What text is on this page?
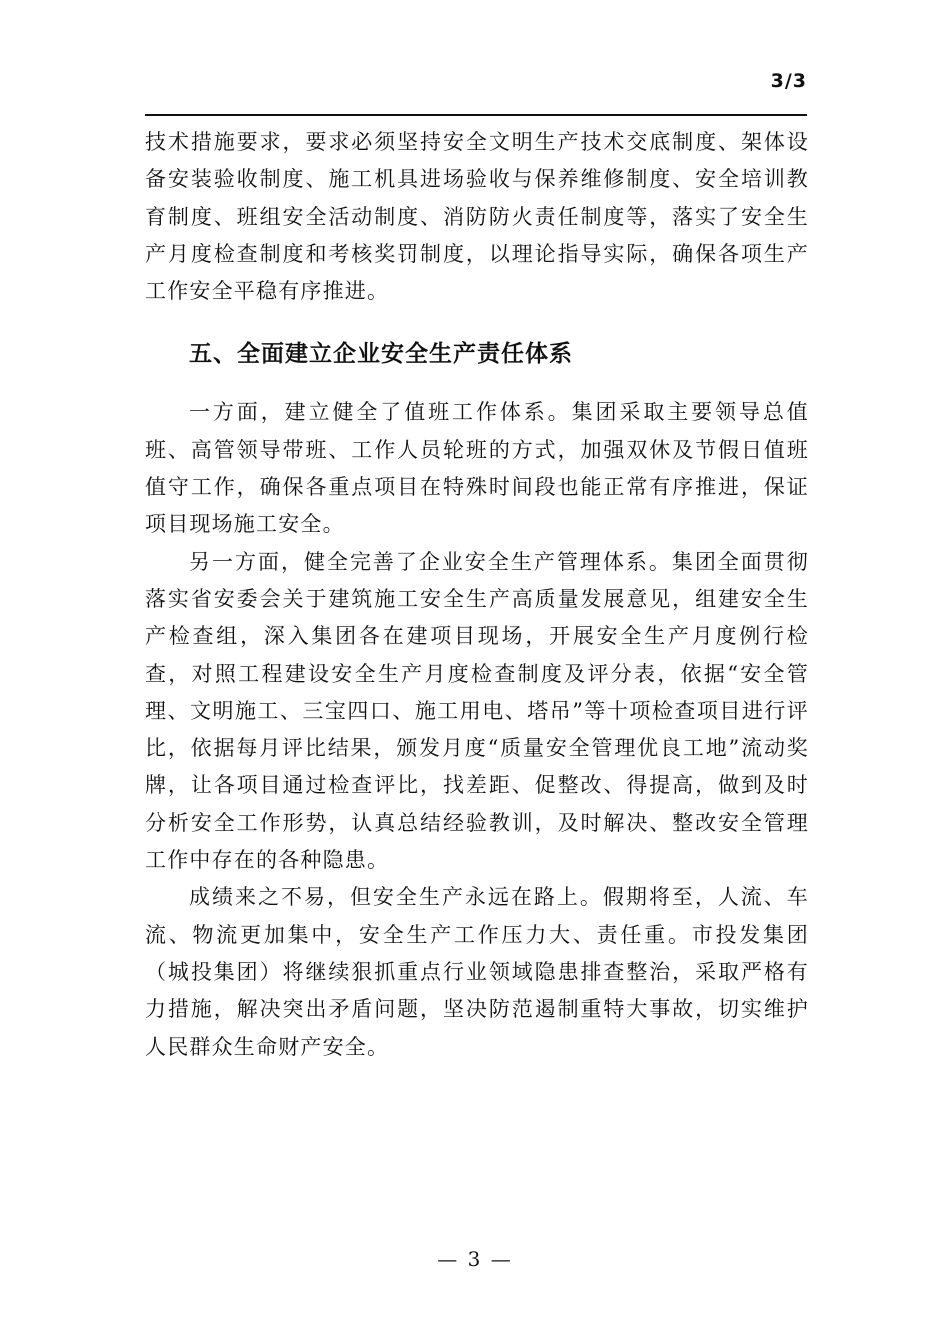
3/3

技术措施要求，要求必须坚持安全文明生产技术交底制度、架体设备安装验收制度、施工机具进场验收与保养维修制度、安全培训教育制度、班组安全活动制度、消防防火责任制度等，落实了安全生产月度检查制度和考核奖罚制度，以理论指导实际，确保各项生产工作安全平稳有序推进。

五、全面建立企业安全生产责任体系

一方面，建立健全了值班工作体系。集团采取主要领导总值班、高管领导带班、工作人员轮班的方式，加强双休及节假日值班值守工作，确保各重点项目在特殊时间段也能正常有序推进，保证项目现场施工安全。

另一方面，健全完善了企业安全生产管理体系。集团全面贯彻落实省安委会关于建筑施工安全生产高质量发展意见，组建安全生产检查组，深入集团各在建项目现场，开展安全生产月度例行检查，对照工程建设安全生产月度检查制度及评分表，依据“安全管理、文明施工、三宝四口、施工用电、塔吊”等十项检查项目进行评比，依据每月评比结果，颁发月度“质量安全管理优良工地”流动奖牌，让各项目通过检查评比，找差距、促整改、得提高，做到及时分析安全工作形势，认真总结经验教训，及时解决、整改安全管理工作中存在的各种隐患。

成绩来之不易，但安全生产永远在路上。假期将至，人流、车流、物流更加集中，安全生产工作压力大、责任重。市投发集团（城投集团）将继续狠抓重点行业领域隐患排查整治，采取严格有力措施，解决突出矛盾问题，坚决防范遏制重特大事故，切实维护人民群众生命财产安全。

— 3 —
